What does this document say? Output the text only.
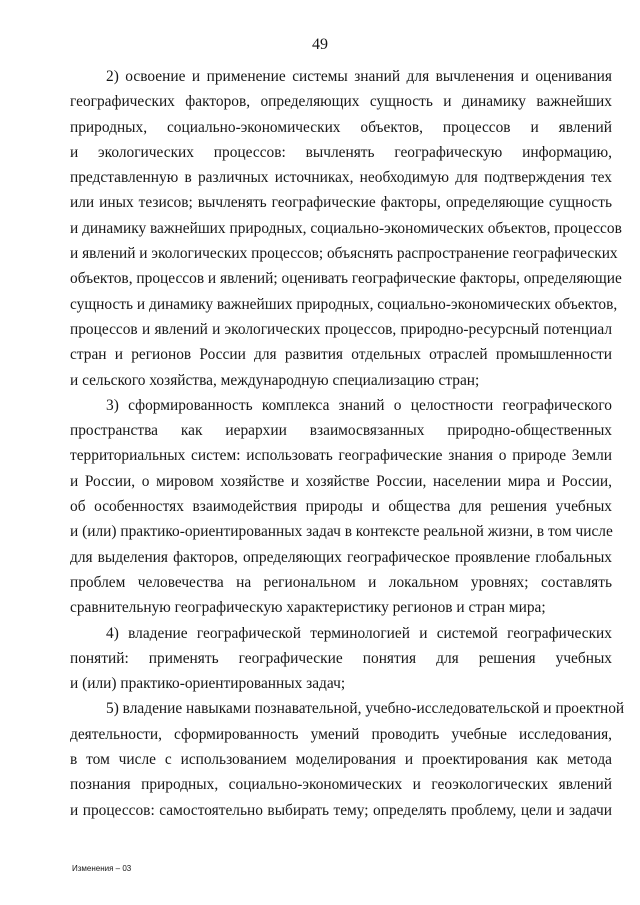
49
2) освоение и применение системы знаний для вычленения и оценивания
географических факторов, определяющих сущность и динамику важнейших
природных, социально-экономических объектов, процессов и явлений
и экологических процессов: вычленять географическую информацию,
представленную в различных источниках, необходимую для подтверждения тех
или иных тезисов; вычленять географические факторы, определяющие сущность
и динамику важнейших природных, социально-экономических объектов, процессов
и явлений и экологических процессов; объяснять распространение географических
объектов, процессов и явлений; оценивать географические факторы, определяющие
сущность и динамику важнейших природных, социально-экономических объектов,
процессов и явлений и экологических процессов, природно-ресурсный потенциал
стран и регионов России для развития отдельных отраслей промышленности
и сельского хозяйства, международную специализацию стран;
3) сформированность комплекса знаний о целостности географического
пространства как иерархии взаимосвязанных природно-общественных
территориальных систем: использовать географические знания о природе Земли
и России, о мировом хозяйстве и хозяйстве России, населении мира и России,
об особенностях взаимодействия природы и общества для решения учебных
и (или) практико-ориентированных задач в контексте реальной жизни, в том числе
для выделения факторов, определяющих географическое проявление глобальных
проблем человечества на региональном и локальном уровнях; составлять
сравнительную географическую характеристику регионов и стран мира;
4) владение географической терминологией и системой географических
понятий: применять географические понятия для решения учебных
и (или) практико-ориентированных задач;
5) владение навыками познавательной, учебно-исследовательской и проектной
деятельности, сформированность умений проводить учебные исследования,
в том числе с использованием моделирования и проектирования как метода
познания природных, социально-экономических и геоэкологических явлений
и процессов: самостоятельно выбирать тему; определять проблему, цели и задачи
Изменения – 03
